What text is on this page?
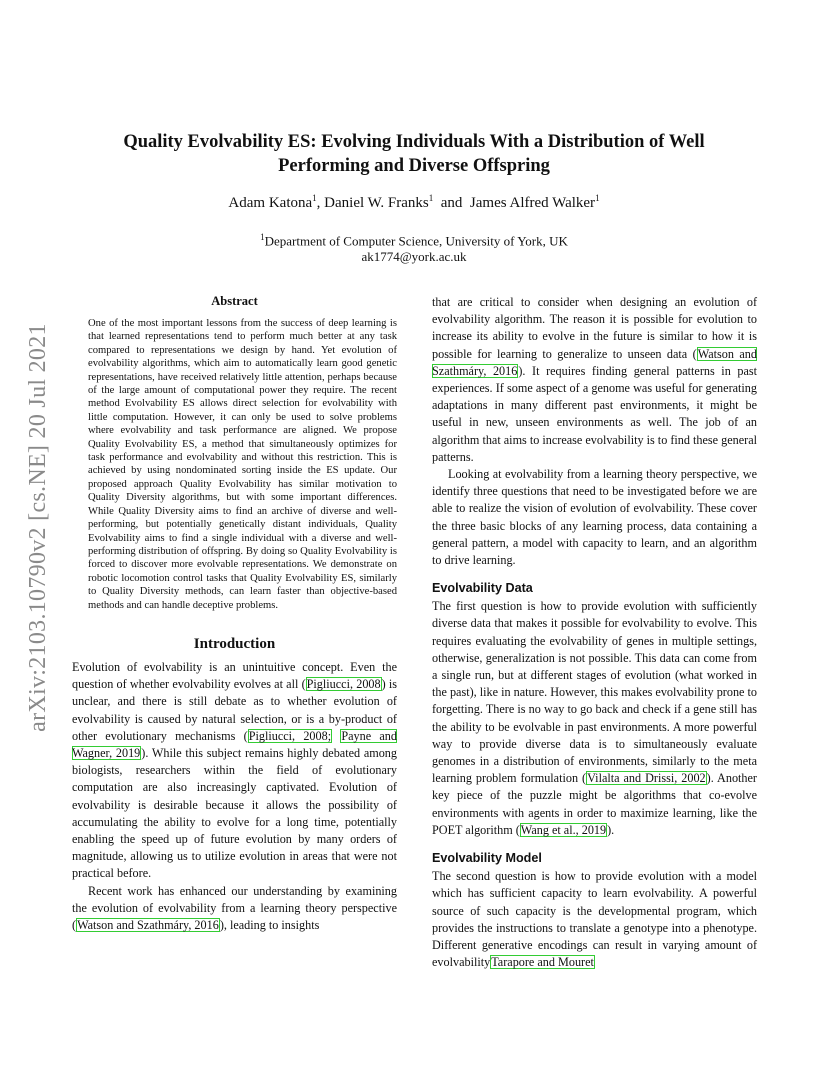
arXiv:2103.10790v2 [cs.NE] 20 Jul 2021
Quality Evolvability ES: Evolving Individuals With a Distribution of Well Performing and Diverse Offspring
Adam Katona$^1$, Daniel W. Franks$^1$  and  James Alfred Walker$^1$
$^1$Department of Computer Science, University of York, UK
ak1774@york.ac.uk
Abstract

One of the most important lessons from the success of deep learning is that learned representations tend to perform much better at any task compared to representations we design by hand. Yet evolution of evolvability algorithms, which aim to automatically learn good genetic representations, have received relatively little attention, perhaps because of the large amount of computational power they require. The recent method Evolvability ES allows direct selection for evolvability with little computation. However, it can only be used to solve problems where evolvability and task performance are aligned. We propose Quality Evolvability ES, a method that simultaneously optimizes for task performance and evolvability and without this restriction. This is achieved by using nondominated sorting inside the ES update. Our proposed approach Quality Evolvability has similar motivation to Quality Diversity algorithms, but with some important differences. While Quality Diversity aims to find an archive of diverse and well-performing, but potentially genetically distant individuals, Quality Evolvability aims to find a single individual with a diverse and well-performing distribution of offspring. By doing so Quality Evolvability is forced to discover more evolvable representations. We demonstrate on robotic locomotion control tasks that Quality Evolvability ES, similarly to Quality Diversity methods, can learn faster than objective-based methods and can handle deceptive problems.

Introduction

Evolution of evolvability is an unintuitive concept. Even the question of whether evolvability evolves at all (Pigliucci, 2008) is unclear, and there is still debate as to whether evolution of evolvability is caused by natural selection, or is a by-product of other evolutionary mechanisms (Pigliucci, 2008; Payne and Wagner, 2019). While this subject remains highly debated among biologists, researchers within the field of evolutionary computation are also increasingly captivated. Evolution of evolvability is desirable because it allows the possibility of accumulating the ability to evolve for a long time, potentially enabling the speed up of future evolution by many orders of magnitude, allowing us to utilize evolution in areas that were not practical before.

Recent work has enhanced our understanding by examining the evolution of evolvability from a learning theory perspective (Watson and Szathmáry, 2016), leading to insights

that are critical to consider when designing an evolution of evolvability algorithm. The reason it is possible for evolution to increase its ability to evolve in the future is similar to how it is possible for learning to generalize to unseen data (Watson and Szathmáry, 2016). It requires finding general patterns in past experiences. If some aspect of a genome was useful for generating adaptations in many different past environments, it might be useful in new, unseen environments as well. The job of an algorithm that aims to increase evolvability is to find these general patterns.

Looking at evolvability from a learning theory perspective, we identify three questions that need to be investigated before we are able to realize the vision of evolution of evolvability. These cover the three basic blocks of any learning process, data containing a general pattern, a model with capacity to learn, and an algorithm to drive learning.

Evolvability Data

The first question is how to provide evolution with sufficiently diverse data that makes it possible for evolvability to evolve. This requires evaluating the evolvability of genes in multiple settings, otherwise, generalization is not possible. This data can come from a single run, but at different stages of evolution (what worked in the past), like in nature. However, this makes evolvability prone to forgetting. There is no way to go back and check if a gene still has the ability to be evolvable in past environments. A more powerful way to provide diverse data is to simultaneously evaluate genomes in a distribution of environments, similarly to the meta learning problem formulation (Vilalta and Drissi, 2002). Another key piece of the puzzle might be algorithms that co-evolve environments with agents in order to maximize learning, like the POET algorithm (Wang et al., 2019).

Evolvability Model

The second question is how to provide evolution with a model which has sufficient capacity to learn evolvability. A powerful source of such capacity is the developmental program, which provides the instructions to translate a genotype into a phenotype. Different generative encodings can result in varying amount of evolvabilityTarapore and Mouret
